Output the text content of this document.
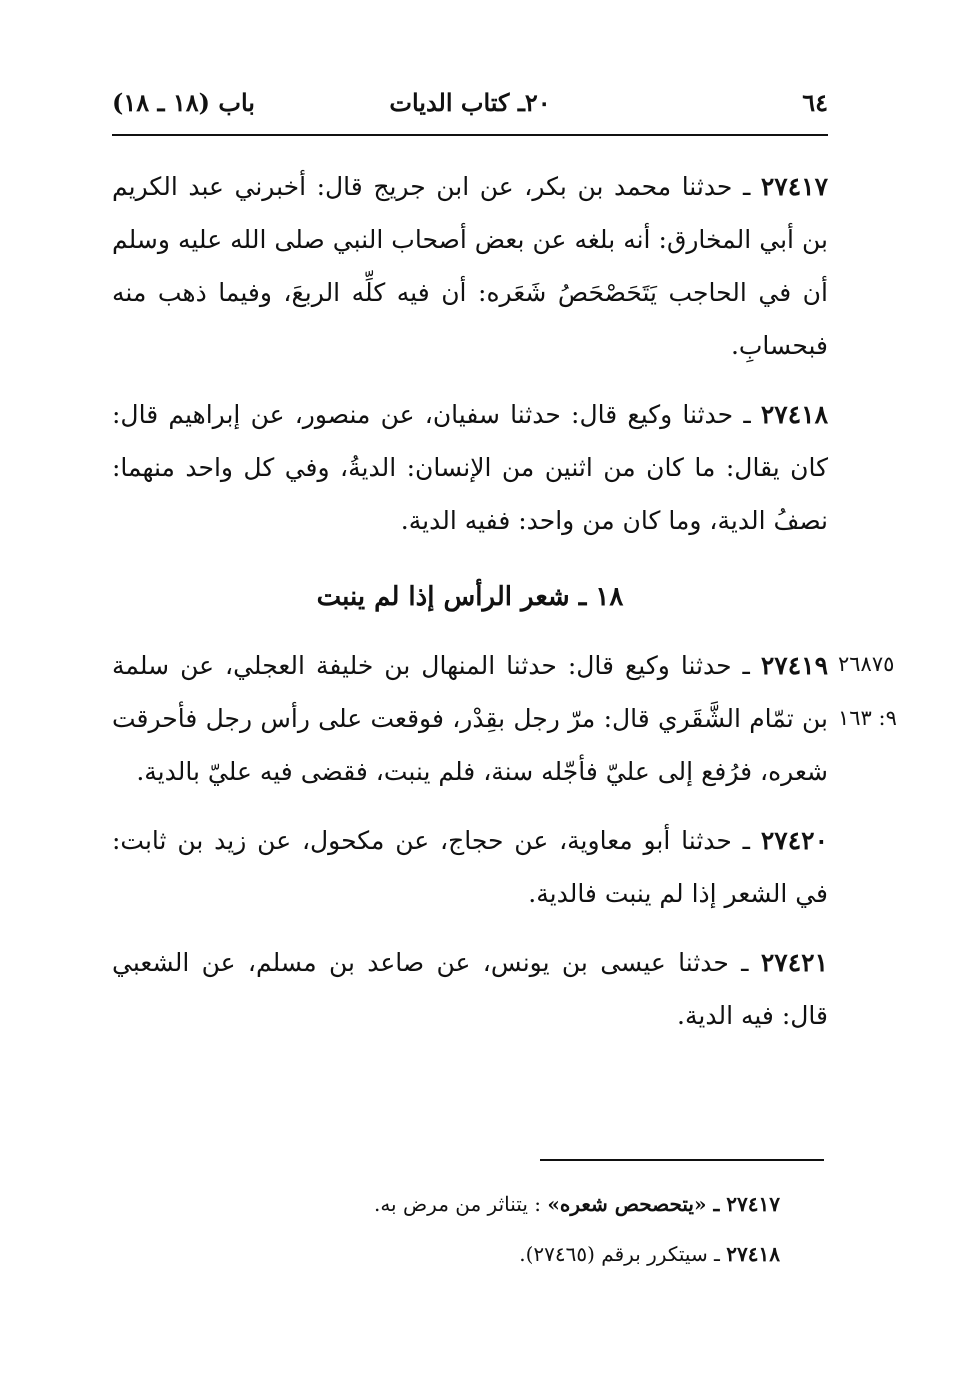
٦٤
٢٠ـ كتاب الديات
باب (١٨ ـ ١٨)

٢٧٤١٧ ـ حدثنا محمد بن بكر، عن ابن جريج قال: أخبرني عبد الكريم بن أبي المخارق: أنه بلغه عن بعض أصحاب النبي صلى الله عليه وسلم أن في الحاجب يَتَحَصْحَصُ شَعَره: أن فيه كلِّه الربعَ، وفيما ذهب منه فبحسابِ.

٢٧٤١٨ ـ حدثنا وكيع قال: حدثنا سفيان، عن منصور، عن إبراهيم قال: كان يقال: ما كان من اثنين من الإنسان: الديةُ، وفي كل واحد منهما: نصفُ الدية، وما كان من واحد: ففيه الدية.

١٨ ـ شعر الرأس إذا لم ينبت

٢٧٤١٩ ـ حدثنا وكيع قال: حدثنا المنهال بن خليفة العجلي، عن سلمة بن تمّام الشَّقَري قال: مرّ رجل بقِدْر، فوقعت على رأس رجل فأحرقت شعره، فرُفع إلى عليّ فأجّله سنة، فلم ينبت، فقضى فيه عليّ بالدية.

٢٧٤٢٠ ـ حدثنا أبو معاوية، عن حجاج، عن مكحول، عن زيد بن ثابت: في الشعر إذا لم ينبت فالدية.

٢٧٤٢١ ـ حدثنا عيسى بن يونس، عن صاعد بن مسلم، عن الشعبي قال: فيه الدية.

٢٦٨٧٥
٩: ١٦٣

٢٧٤١٧ ـ «يتحصحص شعره» : يتناثر من مرض به.

٢٧٤١٨ ـ سيتكرر برقم (٢٧٤٦٥).
